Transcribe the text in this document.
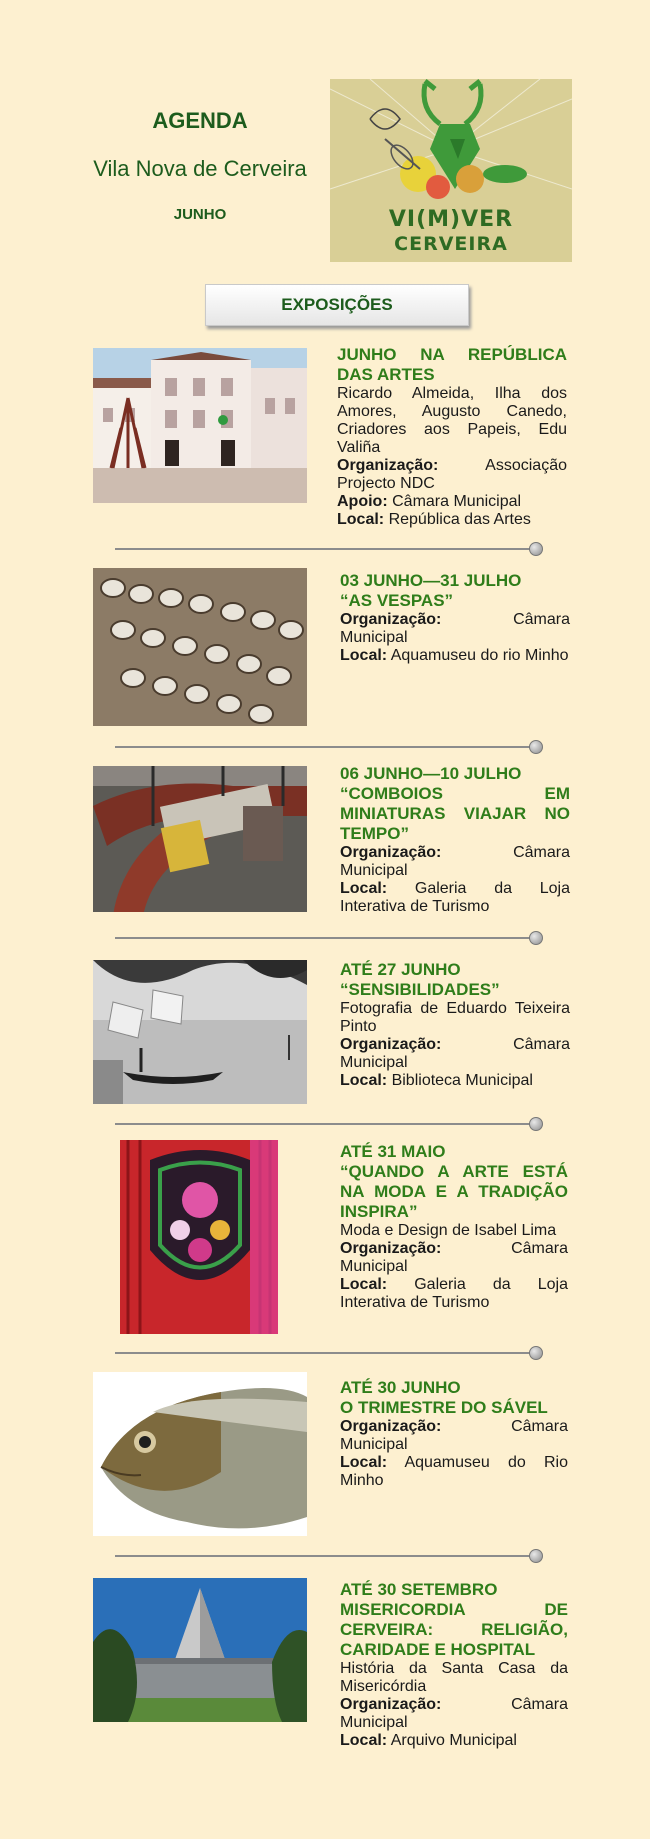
AGENDA
Vila Nova de Cerveira
JUNHO	VI(M)VER
CERVEIRA
EXPOSIÇÕES
JUNHO NA REPÚBLICA DAS ARTES
Ricardo Almeida, Ilha dos Amores, Augusto Canedo, Criadores aos Papeis, Edu Valiña
Organização:	Associação Projecto NDC
Apoio: Câmara Municipal
Local: República das Artes
03 JUNHO—31 JULHO
“AS VESPAS”
Organização:	Câmara Municipal
Local: Aquamuseu do rio Minho
06 JUNHO—10 JULHO
“COMBOIOS EM MINIATURAS VIAJAR NO TEMPO”
Organização:	Câmara Municipal
Local: Galeria da Loja Interativa de Turismo
ATÉ 27 JUNHO
“SENSIBILIDADES”
Fotografia de Eduardo Teixeira Pinto
Organização:	Câmara Municipal
Local: Biblioteca Municipal
ATÉ 31 MAIO
“QUANDO A ARTE ESTÁ NA MODA E A TRADIÇÃO INSPIRA”
Moda e Design de Isabel Lima
Organização:	Câmara Municipal
Local: Galeria da Loja Interativa de Turismo
ATÉ 30 JUNHO
O TRIMESTRE DO SÁVEL
Organização:	Câmara Municipal
Local: Aquamuseu do Rio Minho
ATÉ 30 SETEMBRO
MISERICORDIA DE CERVEIRA: RELIGIÃO, CARIDADE E HOSPITAL
História da Santa Casa da Misericórdia
Organização:	Câmara Municipal
Local: Arquivo Municipal
